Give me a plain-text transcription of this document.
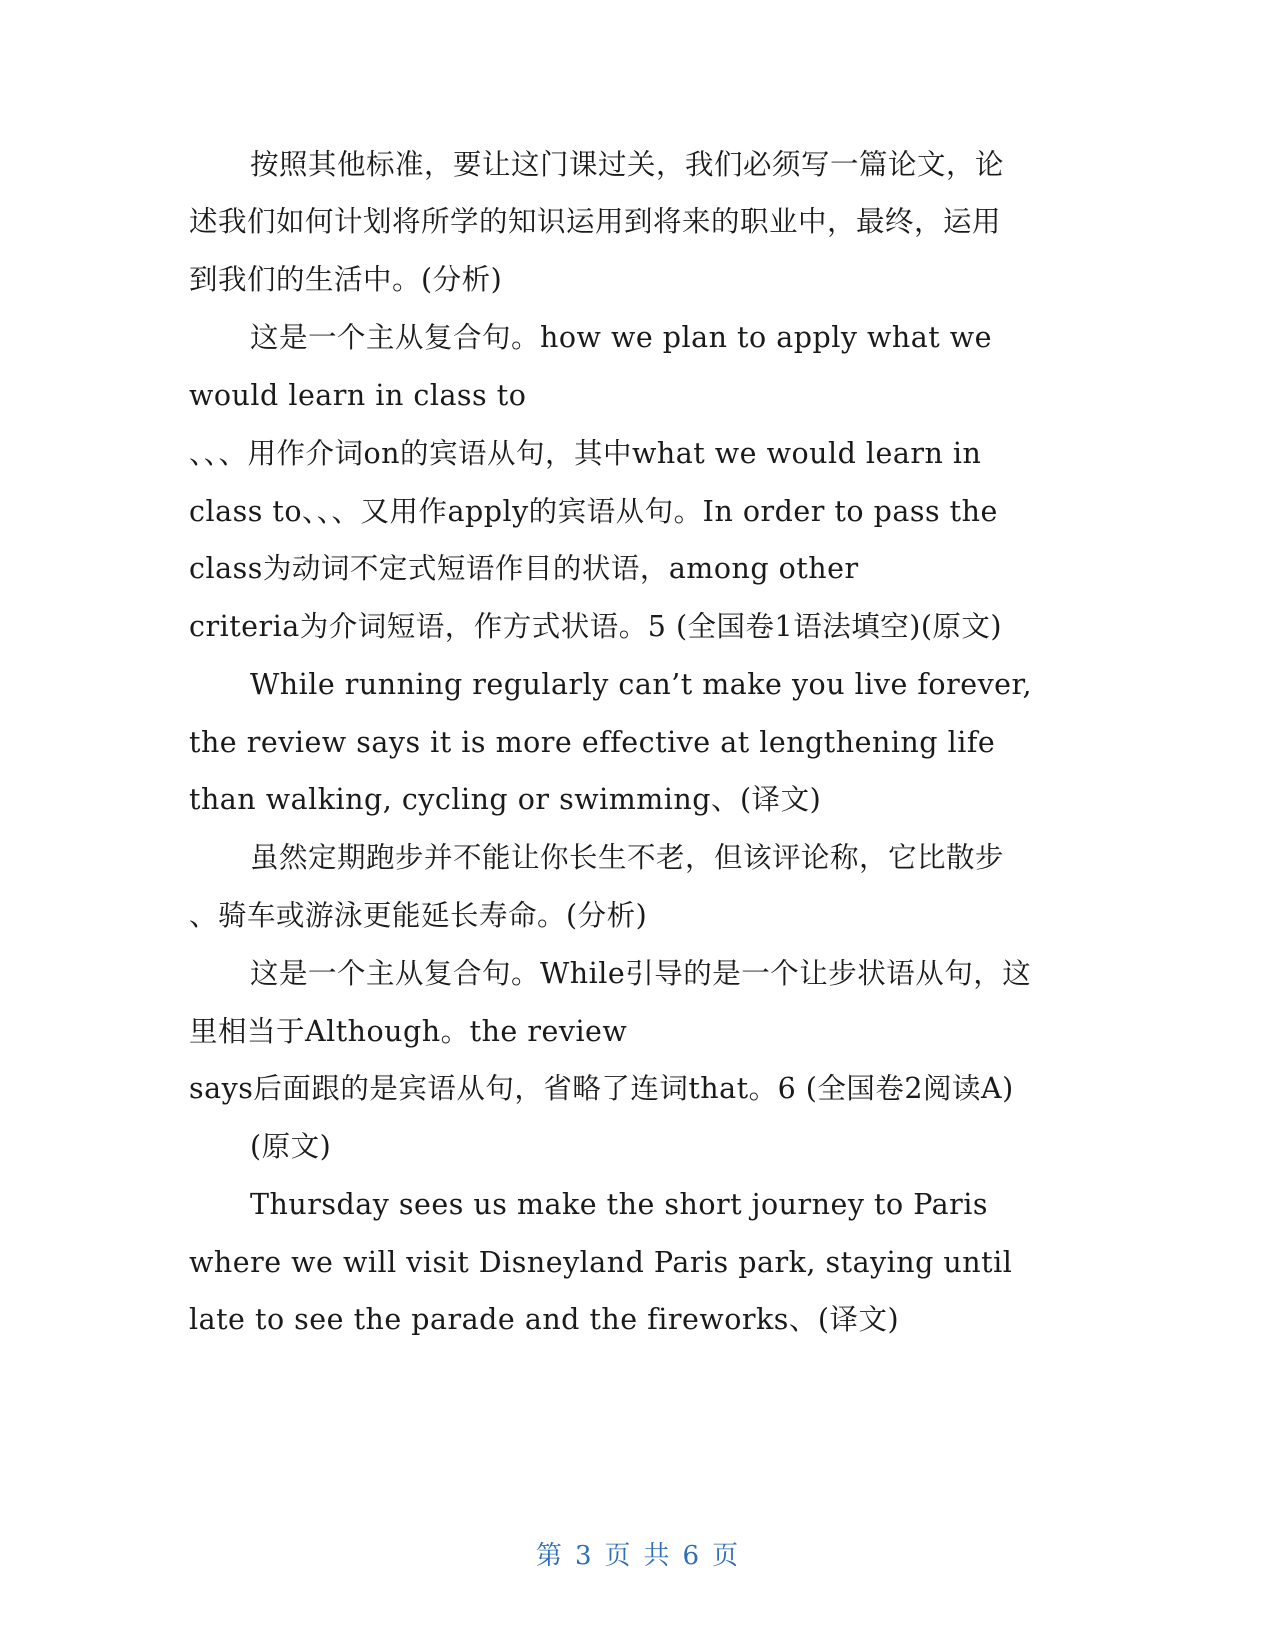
按照其他标准，要让这门课过关，我们必须写一篇论文，论
述我们如何计划将所学的知识运用到将来的职业中，最终，运用
到我们的生活中。(分析)
这是一个主从复合句。how we plan to apply what we
would learn in class to
、、、用作介词on的宾语从句，其中what we would learn in
class to、、、又用作apply的宾语从句。In order to pass the
class为动词不定式短语作目的状语，among other
criteria为介词短语，作方式状语。5 (全国卷1语法填空)(原文)
While running regularly can’t make you live forever,
the review says it is more effective at lengthening life
than walking, cycling or swimming、(译文)
虽然定期跑步并不能让你长生不老，但该评论称，它比散步
、骑车或游泳更能延长寿命。(分析)
这是一个主从复合句。While引导的是一个让步状语从句，这
里相当于Although。the review
says后面跟的是宾语从句，省略了连词that。6 (全国卷2阅读A)
(原文)
Thursday sees us make the short journey to Paris
where we will visit Disneyland Paris park, staying until
late to see the parade and the fireworks、(译文)
第 3 页 共 6 页
